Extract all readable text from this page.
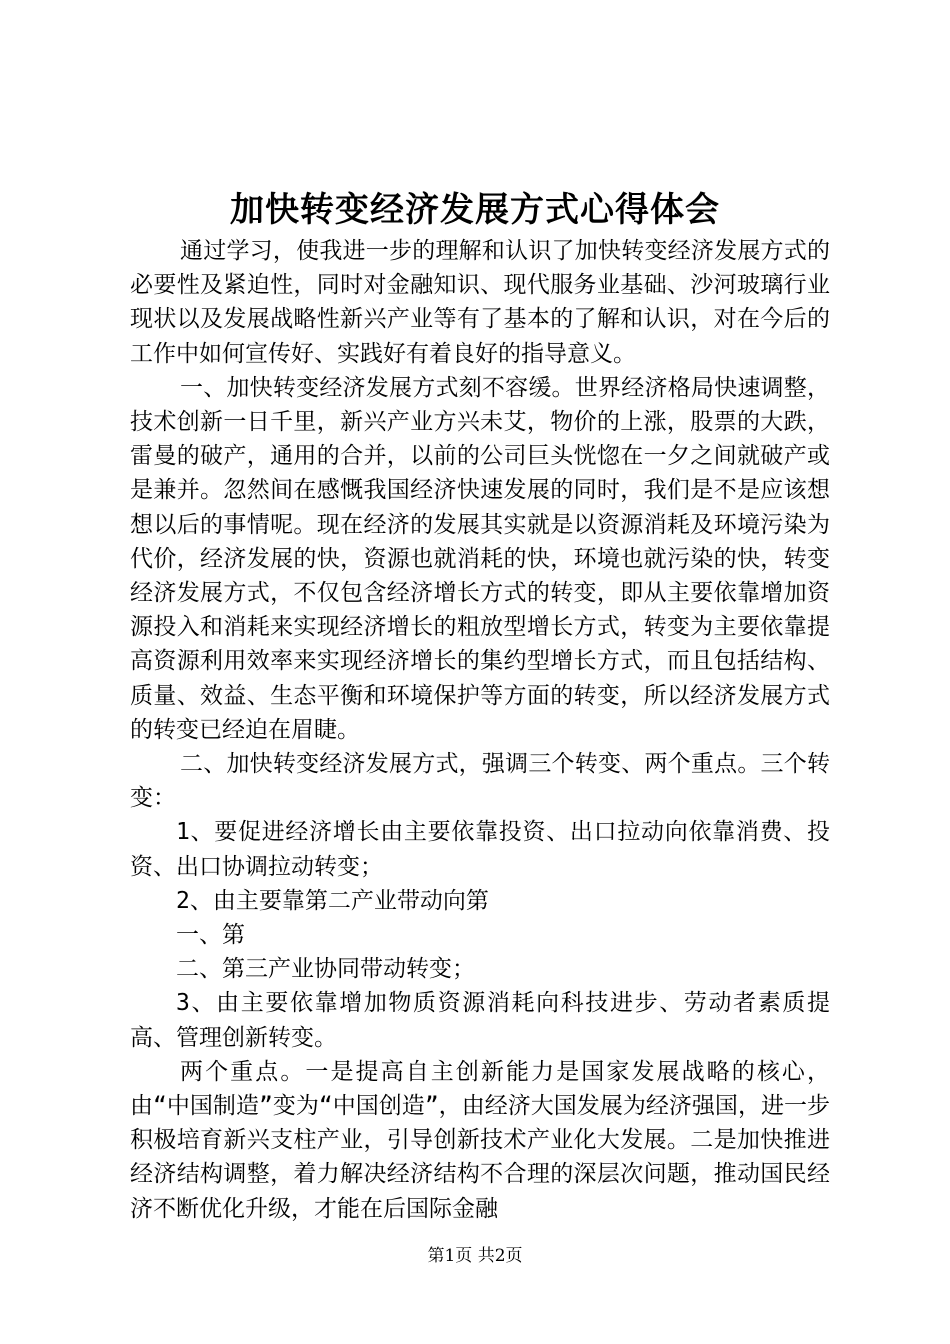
加快转变经济发展方式心得体会

通过学习，使我进一步的理解和认识了加快转变经济发展方式的必要性及紧迫性，同时对金融知识、现代服务业基础、沙河玻璃行业现状以及发展战略性新兴产业等有了基本的了解和认识，对在今后的工作中如何宣传好、实践好有着良好的指导意义。

一、加快转变经济发展方式刻不容缓。世界经济格局快速调整，技术创新一日千里，新兴产业方兴未艾，物价的上涨，股票的大跌，雷曼的破产，通用的合并，以前的公司巨头恍惚在一夕之间就破产或是兼并。忽然间在感慨我国经济快速发展的同时，我们是不是应该想想以后的事情呢。现在经济的发展其实就是以资源消耗及环境污染为代价，经济发展的快，资源也就消耗的快，环境也就污染的快，转变经济发展方式，不仅包含经济增长方式的转变，即从主要依靠增加资源投入和消耗来实现经济增长的粗放型增长方式，转变为主要依靠提高资源利用效率来实现经济增长的集约型增长方式，而且包括结构、质量、效益、生态平衡和环境保护等方面的转变，所以经济发展方式的转变已经迫在眉睫。

二、加快转变经济发展方式，强调三个转变、两个重点。三个转变：

1、要促进经济增长由主要依靠投资、出口拉动向依靠消费、投资、出口协调拉动转变；

2、由主要靠第二产业带动向第

一、第

二、第三产业协同带动转变；

3、由主要依靠增加物质资源消耗向科技进步、劳动者素质提高、管理创新转变。

两个重点。一是提高自主创新能力是国家发展战略的核心，由“中国制造”变为“中国创造”，由经济大国发展为经济强国，进一步积极培育新兴支柱产业，引导创新技术产业化大发展。二是加快推进经济结构调整，着力解决经济结构不合理的深层次问题，推动国民经济不断优化升级，才能在后国际金融

第1页 共2页
